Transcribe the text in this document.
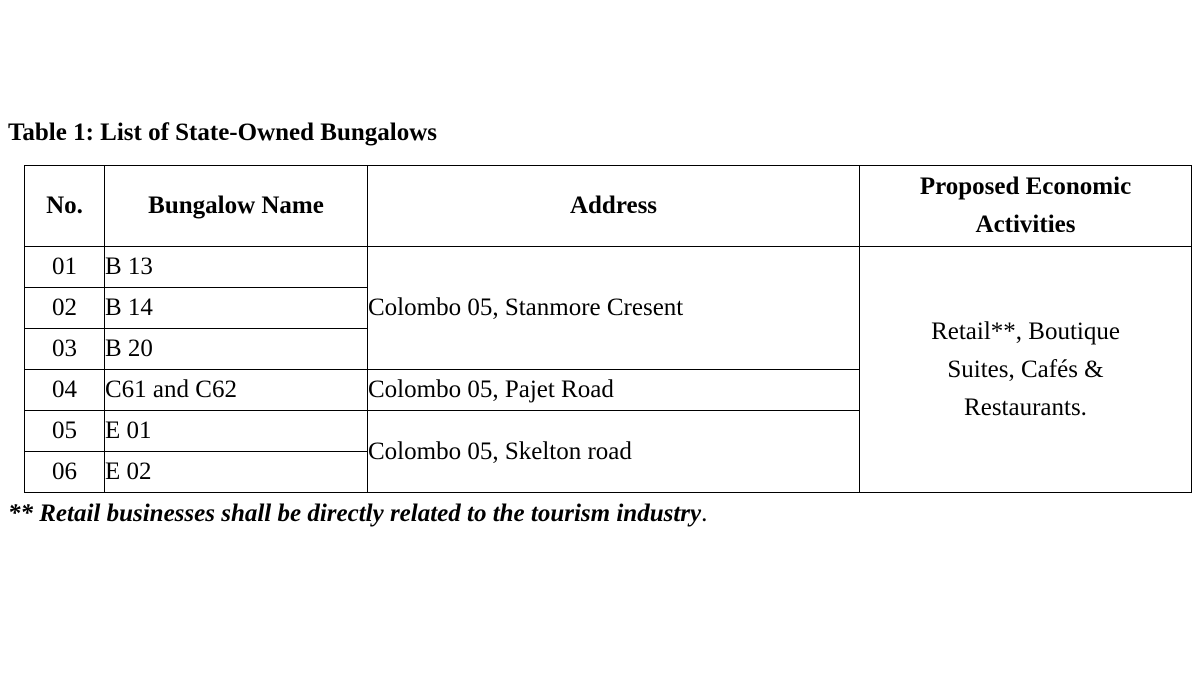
Table 1: List of State-Owned Bungalows
No.	Bungalow Name	Address	Proposed Economic
Activities
01	B 13	Colombo 05, Stanmore Cresent	Retail**, Boutique
Suites, Cafés &
Restaurants.
02	B 14		
03	B 20		
04	C61 and C62	Colombo 05, Pajet Road	
05	E 01	Colombo 05, Skelton road	
06	E 02		
** Retail businesses shall be directly related to the tourism industry.
